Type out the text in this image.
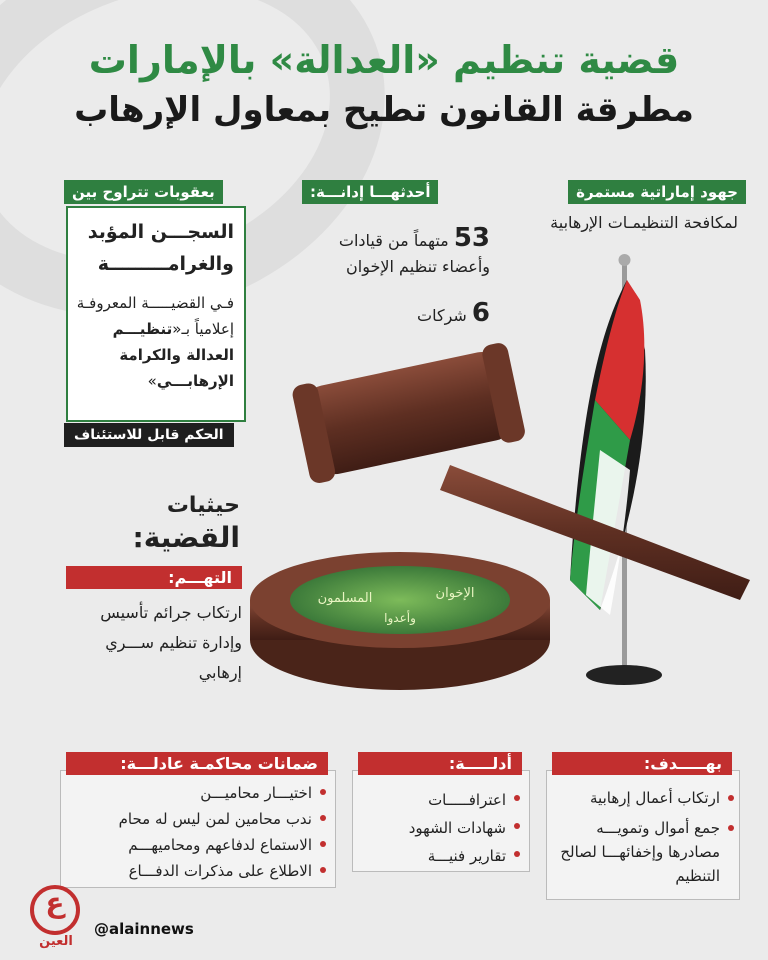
قضية تنظيم «العدالة» بالإمارات
مطرقة القانون تطيح بمعاول الإرهاب
جهود إماراتية مستمرة
لمكافحة التنظيمـات الإرهابية
أحدثهـــا إدانـــة:
53 متهماً من قيادات وأعضاء تنظيم الإخوان
6 شركات
بعقوبات تتراوح بين
السجـــن المؤبد والغرامـــــــــة
فـي القضيـــــة المعروفـة إعلامياً بـ«تنظيـــم العدالة والكرامة الإرهابـــي»
الحكم قابل للاستئناف
حيثيات
القضية:
التهـــم:
ارتكاب جرائم تأسيس وإدارة تنظيم ســـري إرهابي
الإخوان
المسلمون
وأعدوا
بهـــــدف:
ارتكاب أعمال إرهابية
جمع أموال وتمويـــه مصادرها وإخفائهـــا لصالح التنظيم
أدلـــــة:
اعترافـــــات
شهادات الشهود
تقارير فنيـــة
ضمانات محاكمـة عادلـــة:
اختيـــار محاميـــن
ندب محامين لمن ليس له محام
الاستماع لدفاعهم ومحاميهـــم
الاطلاع على مذكرات الدفـــاع
ع
العين
@alainnews
